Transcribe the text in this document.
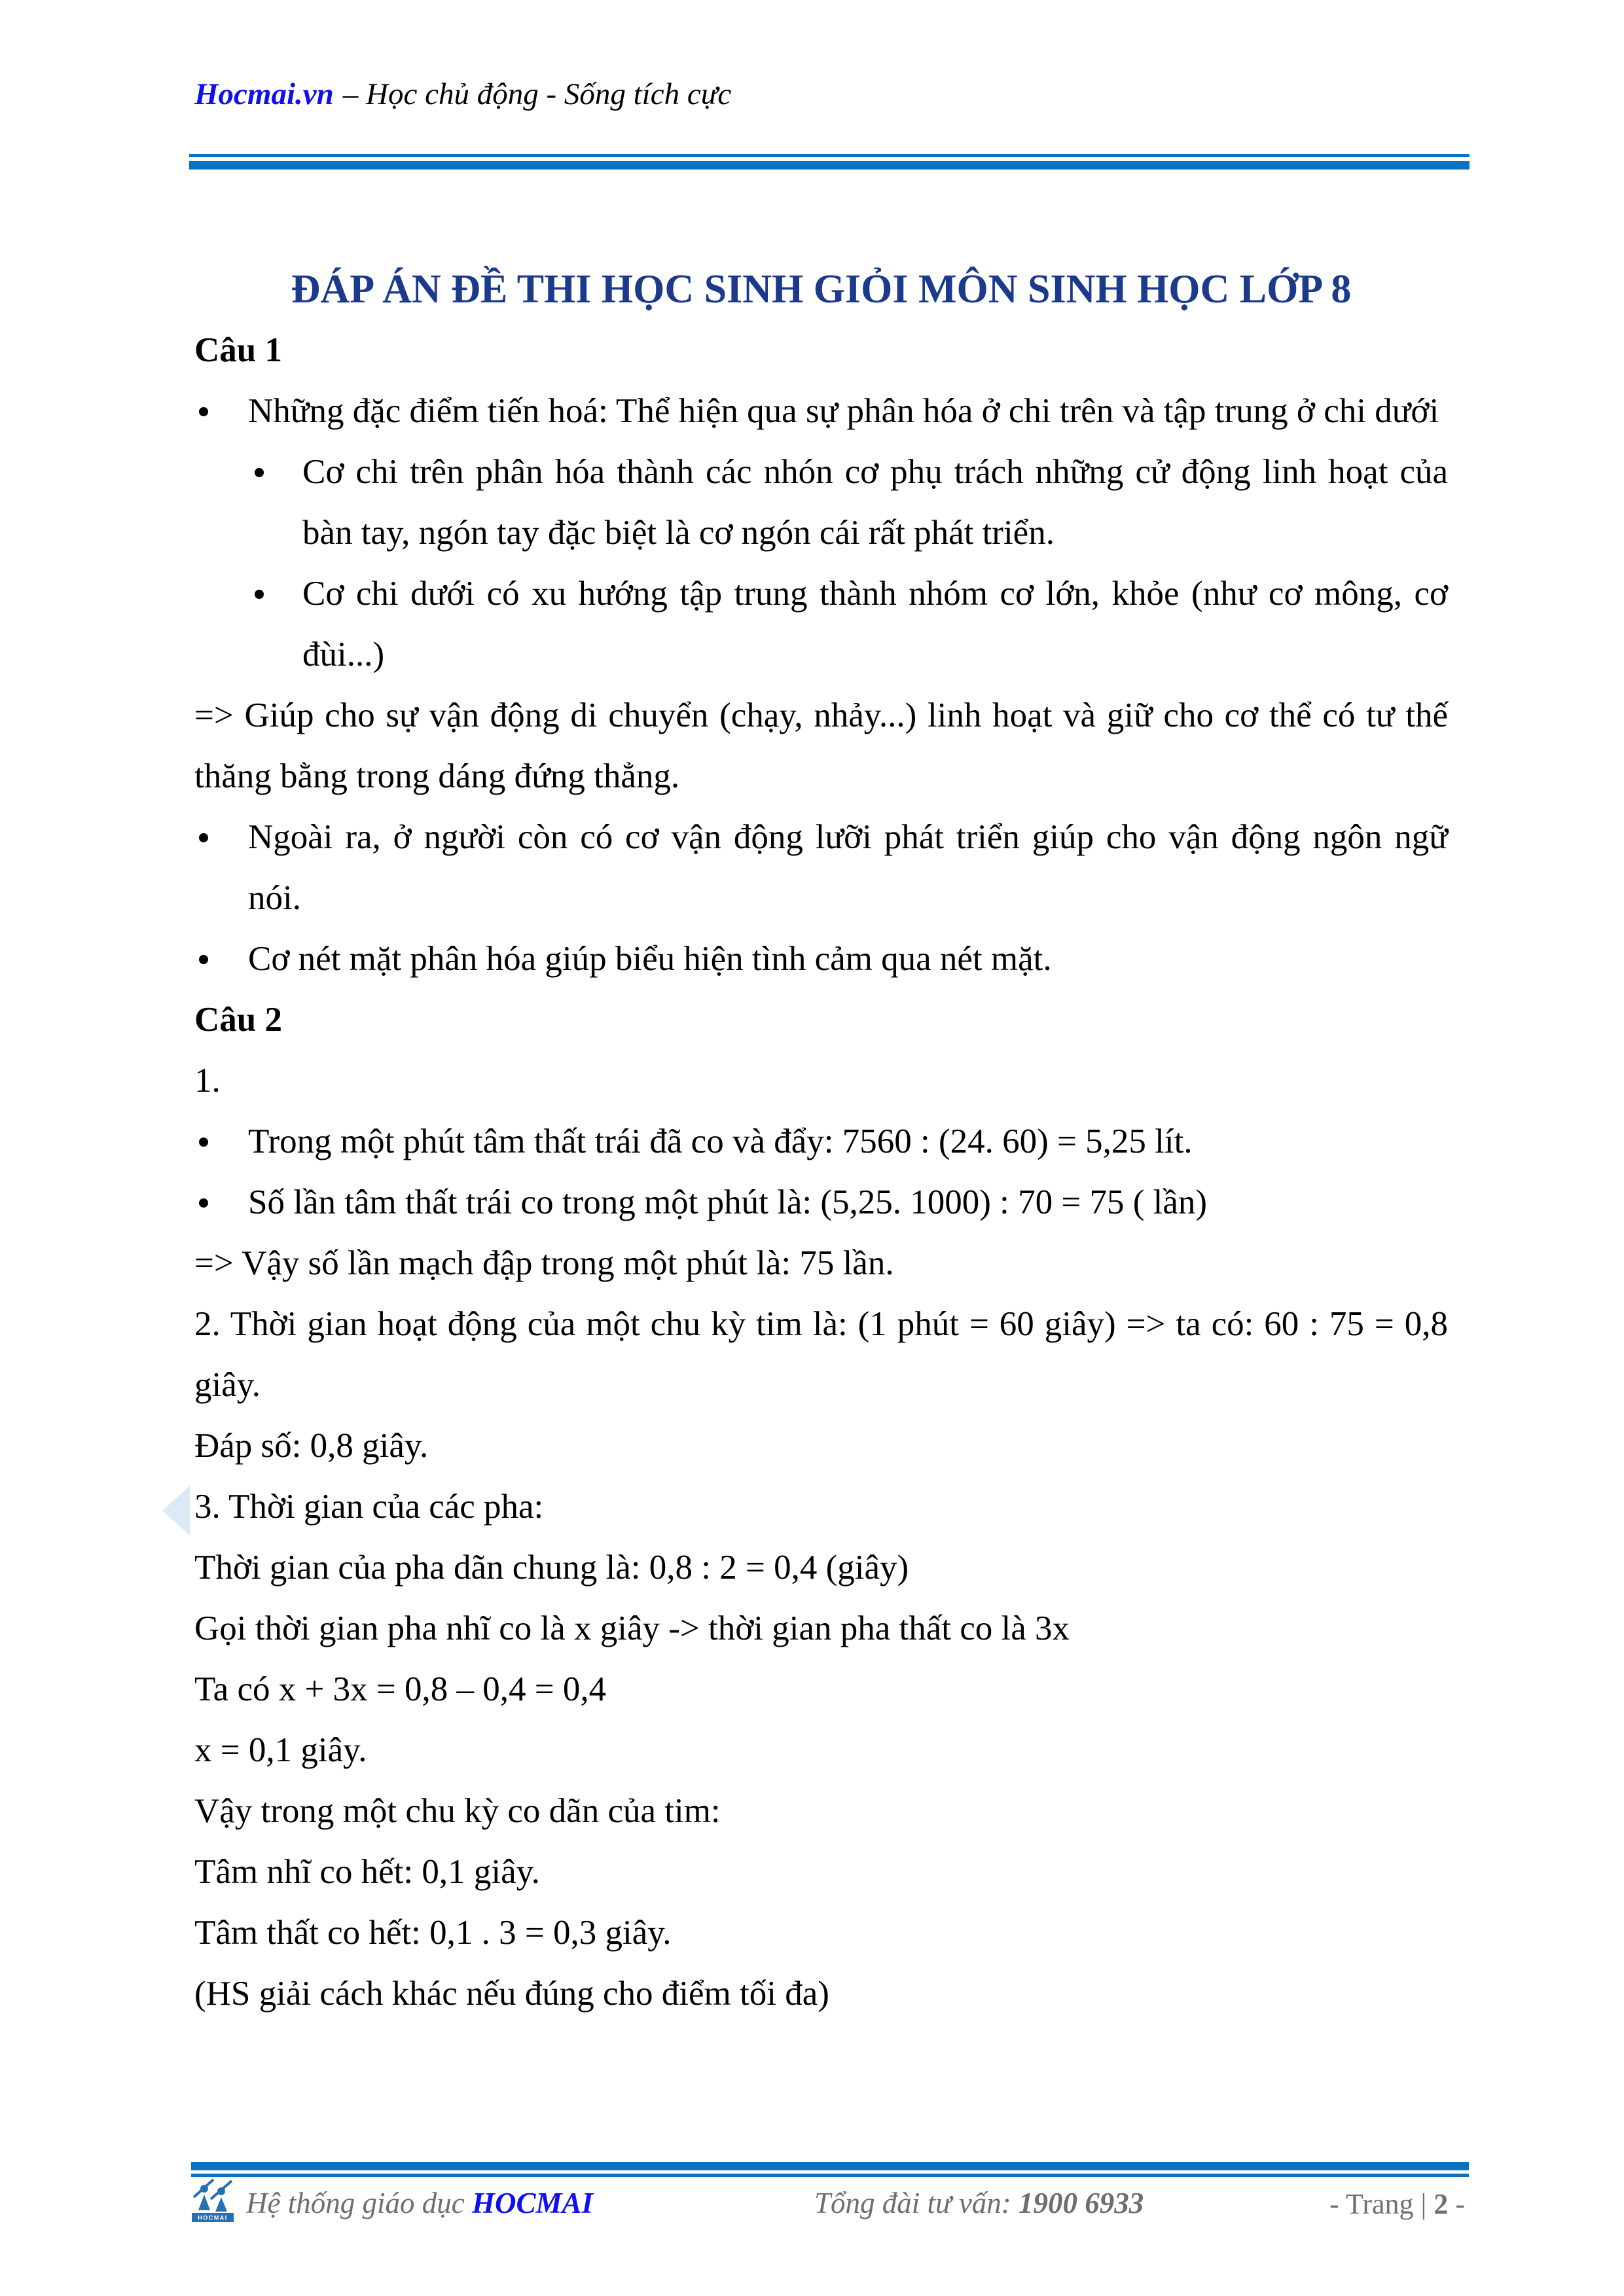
Hocmai.vn – Học chủ động - Sống tích cực
ĐÁP ÁN ĐỀ THI HỌC SINH GIỎI MÔN SINH HỌC LỚP 8
Câu 1
Những đặc điểm tiến hoá: Thể hiện qua sự phân hóa ở chi trên và tập trung ở chi dưới
Cơ chi trên phân hóa thành các nhón cơ phụ trách những cử động linh hoạt của
bàn tay, ngón tay đặc biệt là cơ ngón cái rất phát triển.
Cơ chi dưới có xu hướng tập trung thành nhóm cơ lớn, khỏe (như cơ mông, cơ
đùi...)
=> Giúp cho sự vận động di chuyển (chạy, nhảy...) linh hoạt và giữ cho cơ thể có tư thế
thăng bằng trong dáng đứng thẳng.
Ngoài ra, ở người còn có cơ vận động lưỡi phát triển giúp cho vận động ngôn ngữ
nói.
Cơ nét mặt phân hóa giúp biểu hiện tình cảm qua nét mặt.
Câu 2
1.
Trong một phút tâm thất trái đã co và đẩy: 7560 : (24. 60) = 5,25 lít.
Số lần tâm thất trái co trong một phút là: (5,25. 1000) : 70 = 75 ( lần)
=> Vậy số lần mạch đập trong một phút là: 75 lần.
2. Thời gian hoạt động của một chu kỳ tim là: (1 phút = 60 giây) => ta có: 60 : 75 = 0,8
giây.
Đáp số: 0,8 giây.
3. Thời gian của các pha:
Thời gian của pha dãn chung là: 0,8 : 2 = 0,4 (giây)
Gọi thời gian pha nhĩ co là x giây -> thời gian pha thất co là 3x
Ta có x + 3x = 0,8 – 0,4 = 0,4
x = 0,1 giây.
Vậy trong một chu kỳ co dãn của tim:
Tâm nhĩ co hết: 0,1 giây.
Tâm thất co hết: 0,1 . 3 = 0,3 giây.
(HS giải cách khác nếu đúng cho điểm tối đa)
HOCMAI Hệ thống giáo dục HOCMAI	Tổng đài tư vấn: 1900 6933	- Trang | 2 -
